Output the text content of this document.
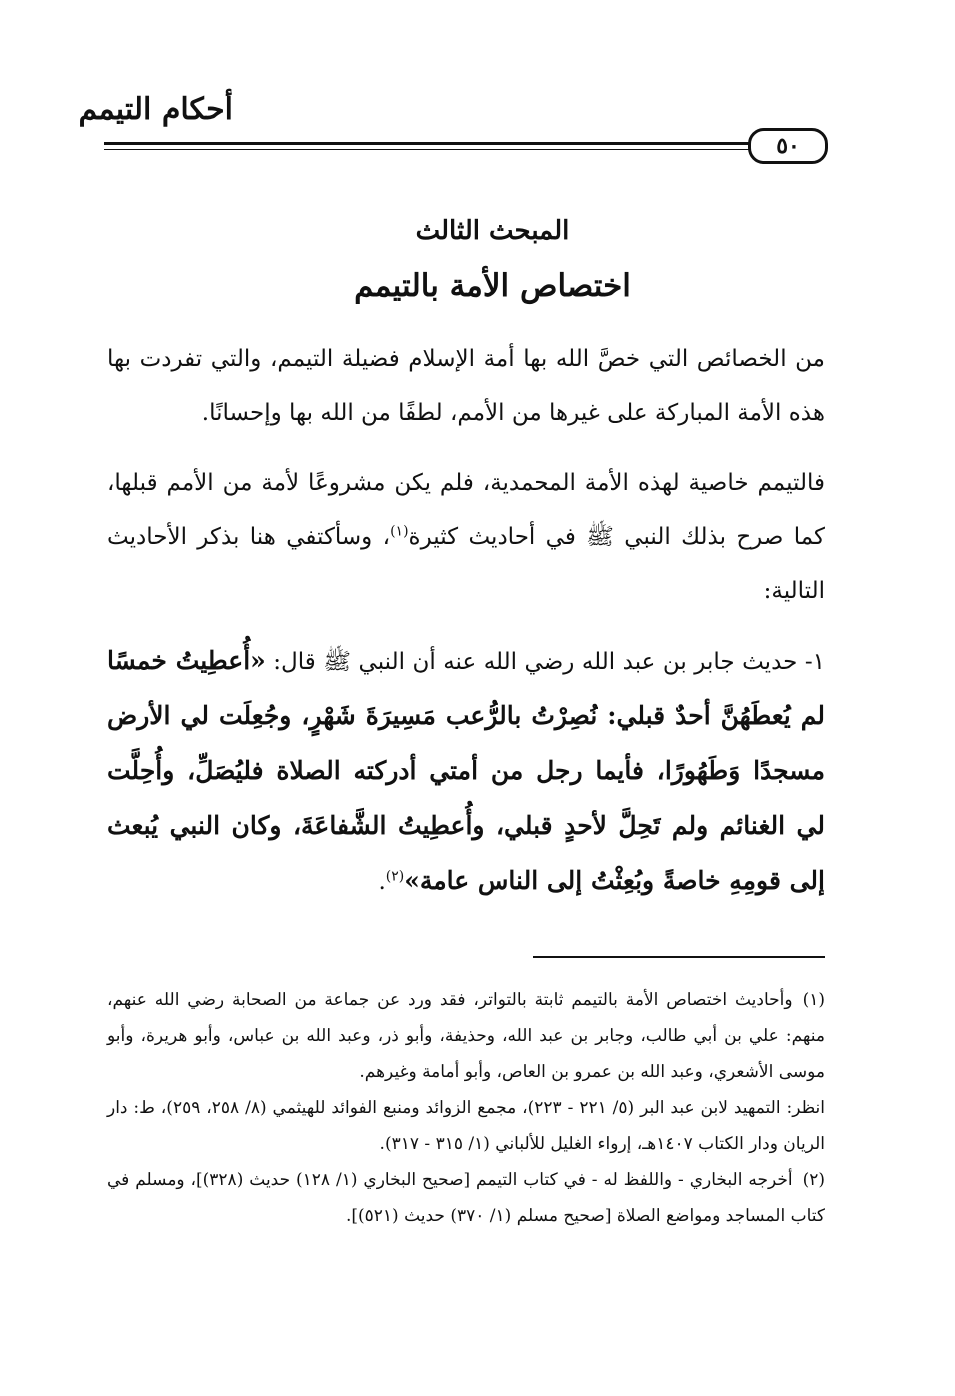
أحكام التيمم
٥٠
المبحث الثالث
اختصاص الأمة بالتيمم

من الخصائص التي خصَّ الله بها أمة الإسلام فضيلة التيمم، والتي تفردت بها هذه الأمة المباركة على غيرها من الأمم، لطفًا من الله بها وإحسانًا.

فالتيمم خاصية لهذه الأمة المحمدية، فلم يكن مشروعًا لأمة من الأمم قبلها، كما صرح بذلك النبي ﷺ في أحاديث كثيرة$^{(١)}$، وسأكتفي هنا بذكر الأحاديث التالية:

١- حديث جابر بن عبد الله رضي الله عنه أن النبي ﷺ قال: «أُعطِيتُ خمسًا لم يُعطَهُنَّ أحدٌ قبلي: نُصِرْتُ بالرُّعب مَسِيرَةَ شَهْرٍ، وجُعِلَت لي الأرض مسجدًا وَطَهُورًا، فأيما رجل من أمتي أدركته الصلاة فليُصَلِّ، وأُحِلَّت لي الغنائم ولم تَحِلَّ لأحدٍ قبلي، وأُعطِيتُ الشَّفاعَةَ، وكان النبي يُبعث إلى قومِهِ خاصةً وبُعِثْتُ إلى الناس عامة»$^{(٢)}$.

(١)وأحاديث اختصاص الأمة بالتيمم ثابتة بالتواتر، فقد ورد عن جماعة من الصحابة رضي الله عنهم، منهم: علي بن أبي طالب، وجابر بن عبد الله، وحذيفة، وأبو ذر، وعبد الله بن عباس، وأبو هريرة، وأبو موسى الأشعري، وعبد الله بن عمرو بن العاص، وأبو أمامة وغيرهم.

انظر: التمهيد لابن عبد البر (٥/ ٢٢١ - ٢٢٣)، مجمع الزوائد ومنبع الفوائد للهيثمي (٨/ ٢٥٨، ٢٥٩)، ط: دار الريان ودار الكتاب ١٤٠٧هـ، إرواء الغليل للألباني (١/ ٣١٥ - ٣١٧).

(٢)أخرجه البخاري - واللفظ له - في كتاب التيمم [صحيح البخاري (١/ ١٢٨) حديث (٣٢٨)]، ومسلم في كتاب المساجد ومواضع الصلاة [صحيح مسلم (١/ ٣٧٠) حديث (٥٢١)].
